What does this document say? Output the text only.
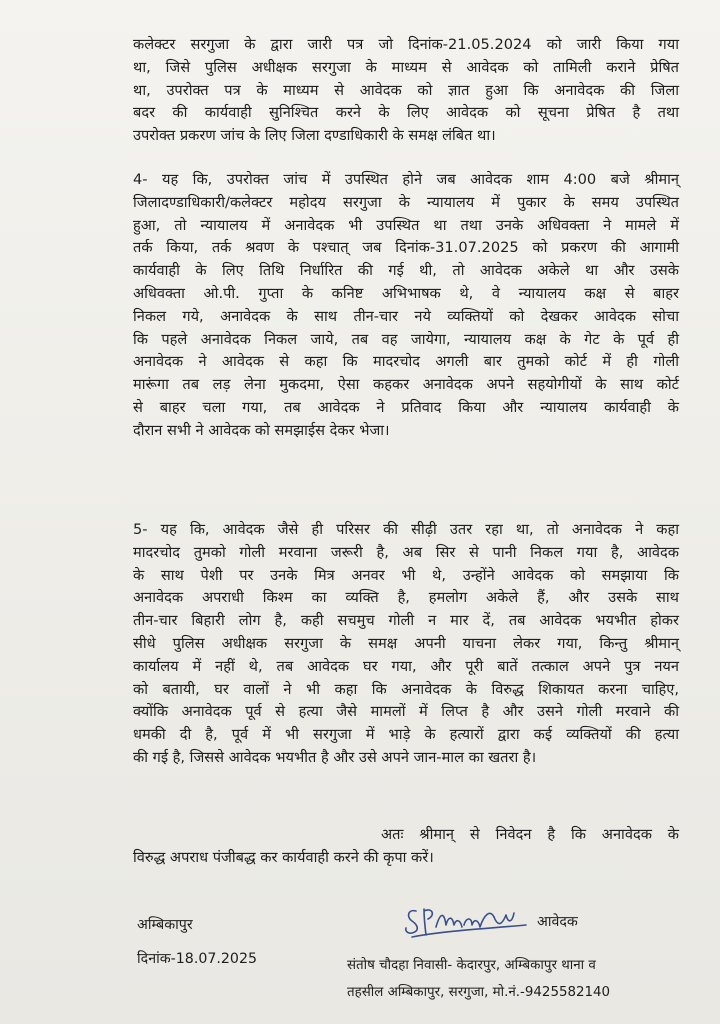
कलेक्टर सरगुजा के द्वारा जारी पत्र जो दिनांक-21.05.2024 को जारी किया गया
था, जिसे पुलिस अधीक्षक सरगुजा के माध्यम से आवेदक को तामिली कराने प्रेषित
था, उपरोक्त पत्र के माध्यम से आवेदक को ज्ञात हुआ कि अनावेदक की जिला
बदर की कार्यवाही सुनिश्चित करने के लिए आवेदक को सूचना प्रेषित है तथा
उपरोक्त प्रकरण जांच के लिए जिला दण्डाधिकारी के समक्ष लंबित था।
4- यह कि, उपरोक्त जांच में उपस्थित होने जब आवेदक शाम 4:00 बजे श्रीमान्
जिलादण्डाधिकारी/कलेक्टर महोदय सरगुजा के न्यायालय में पुकार के समय उपस्थित
हुआ, तो न्यायालय में अनावेदक भी उपस्थित था तथा उनके अधिवक्ता ने मामले में
तर्क किया, तर्क श्रवण के पश्चात् जब दिनांक-31.07.2025 को प्रकरण की आगामी
कार्यवाही के लिए तिथि निर्धारित की गई थी, तो आवेदक अकेले था और उसके
अधिवक्ता ओ.पी. गुप्ता के कनिष्ट अभिभाषक थे, वे न्यायालय कक्ष से बाहर
निकल गये, अनावेदक के साथ तीन-चार नये व्यक्तियों को देखकर आवेदक सोचा
कि पहले अनावेदक निकल जाये, तब वह जायेगा, न्यायालय कक्ष के गेट के पूर्व ही
अनावेदक ने आवेदक से कहा कि मादरचोद अगली बार तुमको कोर्ट में ही गोली
मारूंगा तब लड़ लेना मुकदमा, ऐसा कहकर अनावेदक अपने सहयोगीयों के साथ कोर्ट
से बाहर चला गया, तब आवेदक ने प्रतिवाद किया और न्यायालय कार्यवाही के
दौरान सभी ने आवेदक को समझाईस देकर भेजा।
5- यह कि, आवेदक जैसे ही परिसर की सीढ़ी उतर रहा था, तो अनावेदक ने कहा
मादरचोद तुमको गोली मरवाना जरूरी है, अब सिर से पानी निकल गया है, आवेदक
के साथ पेशी पर उनके मित्र अनवर भी थे, उन्होंने आवेदक को समझाया कि
अनावेदक अपराधी किश्म का व्यक्ति है, हमलोग अकेले हैं, और उसके साथ
तीन-चार बिहारी लोग है, कही सचमुच गोली न मार दें, तब आवेदक भयभीत होकर
सीधे पुलिस अधीक्षक सरगुजा के समक्ष अपनी याचना लेकर गया, किन्तु श्रीमान्
कार्यालय में नहीं थे, तब आवेदक घर गया, और पूरी बातें तत्काल अपने पुत्र नयन
को बतायी, घर वालों ने भी कहा कि अनावेदक के विरुद्ध शिकायत करना चाहिए,
क्योंकि अनावेदक पूर्व से हत्या जैसे मामलों में लिप्त है और उसने गोली मरवाने की
धमकी दी है, पूर्व में भी सरगुजा में भाड़े के हत्यारों द्वारा कई व्यक्तियों की हत्या
की गई है, जिससे आवेदक भयभीत है और उसे अपने जान-माल का खतरा है।
अतः श्रीमान् से निवेदन है कि अनावेदक के
विरुद्ध अपराध पंजीबद्ध कर कार्यवाही करने की कृपा करें।
अम्बिकापुर
दिनांक-18.07.2025
आवेदक
संतोष चौदहा निवासी- केदारपुर, अम्बिकापुर थाना व
तहसील अम्बिकापुर, सरगुजा, मो.नं.-9425582140
